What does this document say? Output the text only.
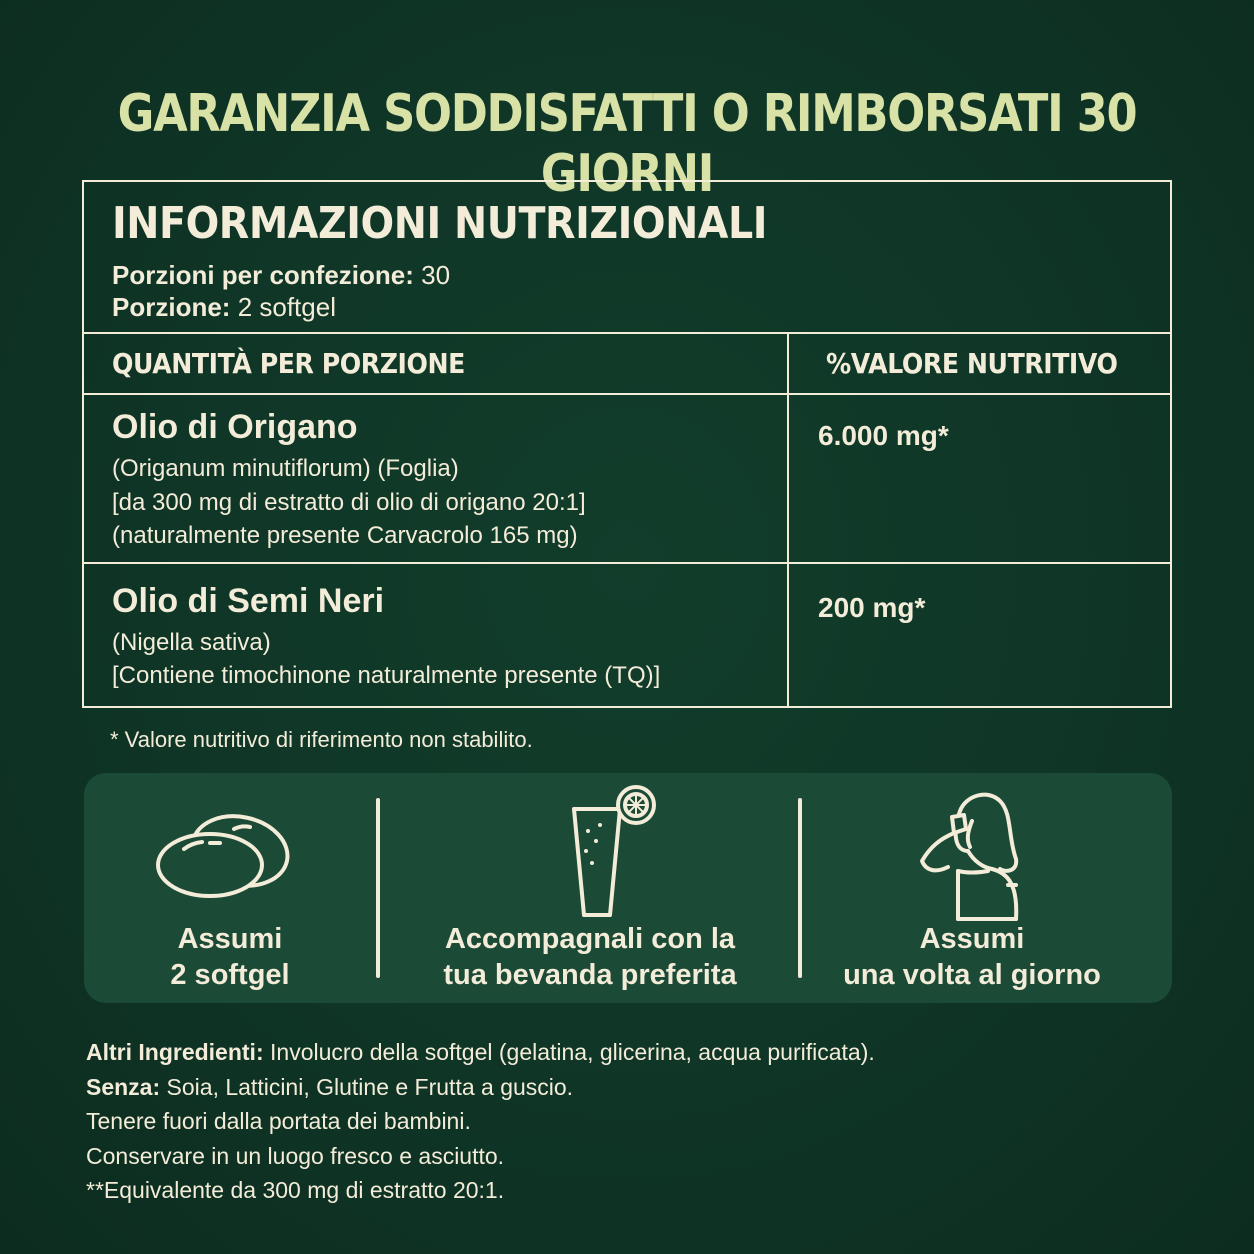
GARANZIA SODDISFATTI O RIMBORSATI 30 GIORNI
INFORMAZIONI NUTRIZIONALI
Porzioni per confezione: 30
Porzione: 2 softgel
QUANTITÀ PER PORZIONE	%VALORE NUTRITIVO
Olio di Origano
(Origanum minutiflorum) (Foglia)
[da 300 mg di estratto di olio di origano 20:1]
(naturalmente presente Carvacrolo 165 mg)
6.000 mg*
Olio di Semi Neri
(Nigella sativa)
[Contiene timochinone naturalmente presente (TQ)]
200 mg*
* Valore nutritivo di riferimento non stabilito.
Assumi
2 softgel
Accompagnali con la
tua bevanda preferita
Assumi
una volta al giorno
Altri Ingredienti: Involucro della softgel (gelatina, glicerina, acqua purificata).
Senza: Soia, Latticini, Glutine e Frutta a guscio.
Tenere fuori dalla portata dei bambini.
Conservare in un luogo fresco e asciutto.
**Equivalente da 300 mg di estratto 20:1.
